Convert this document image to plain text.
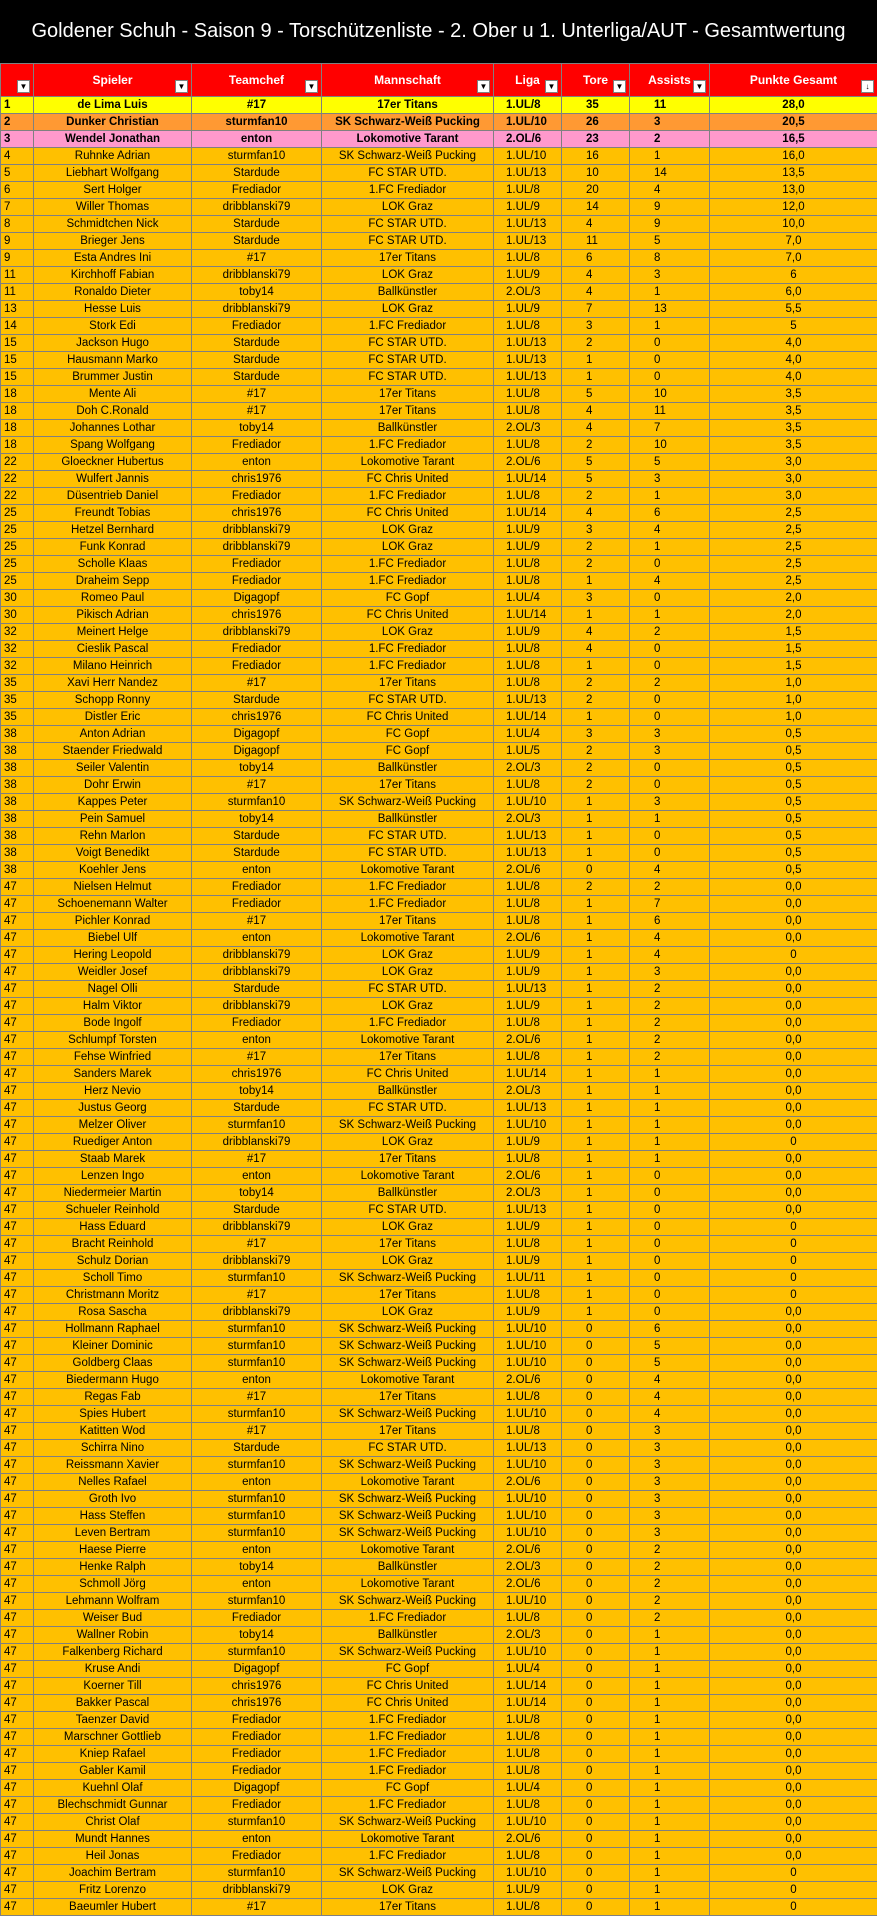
Goldener Schuh - Saison 9 - Torschützenliste - 2. Ober u 1. Unterliga/AUT - Gesamtwertung
▼	Spieler ▼	Teamchef ▼	Mannschaft ▼	Liga ▼	Tore ▼	Assists ▼	Punkte Gesamt ↓

1	de Lima Luis	#17	17er Titans	1.UL/8	35	11	28,0
2	Dunker Christian	sturmfan10	SK Schwarz-Weiß Pucking	1.UL/10	26	3	20,5
3	Wendel Jonathan	enton	Lokomotive Tarant	2.OL/6	23	2	16,5
4	Ruhnke Adrian	sturmfan10	SK Schwarz-Weiß Pucking	1.UL/10	16	1	16,0
5	Liebhart Wolfgang	Stardude	FC STAR UTD.	1.UL/13	10	14	13,5
6	Sert Holger	Frediador	1.FC Frediador	1.UL/8	20	4	13,0
7	Willer Thomas	dribblanski79	LOK Graz	1.UL/9	14	9	12,0
8	Schmidtchen Nick	Stardude	FC STAR UTD.	1.UL/13	4	9	10,0
9	Brieger Jens	Stardude	FC STAR UTD.	1.UL/13	11	5	7,0
9	Esta Andres Ini	#17	17er Titans	1.UL/8	6	8	7,0
11	Kirchhoff Fabian	dribblanski79	LOK Graz	1.UL/9	4	3	6
11	Ronaldo Dieter	toby14	Ballkünstler	2.OL/3	4	1	6,0
13	Hesse Luis	dribblanski79	LOK Graz	1.UL/9	7	13	5,5
14	Stork Edi	Frediador	1.FC Frediador	1.UL/8	3	1	5
15	Jackson Hugo	Stardude	FC STAR UTD.	1.UL/13	2	0	4,0
15	Hausmann Marko	Stardude	FC STAR UTD.	1.UL/13	1	0	4,0
15	Brummer Justin	Stardude	FC STAR UTD.	1.UL/13	1	0	4,0
18	Mente Ali	#17	17er Titans	1.UL/8	5	10	3,5
18	Doh C.Ronald	#17	17er Titans	1.UL/8	4	11	3,5
18	Johannes Lothar	toby14	Ballkünstler	2.OL/3	4	7	3,5
18	Spang Wolfgang	Frediador	1.FC Frediador	1.UL/8	2	10	3,5
22	Gloeckner Hubertus	enton	Lokomotive Tarant	2.OL/6	5	5	3,0
22	Wulfert Jannis	chris1976	FC Chris United	1.UL/14	5	3	3,0
22	Düsentrieb Daniel	Frediador	1.FC Frediador	1.UL/8	2	1	3,0
25	Freundt Tobias	chris1976	FC Chris United	1.UL/14	4	6	2,5
25	Hetzel Bernhard	dribblanski79	LOK Graz	1.UL/9	3	4	2,5
25	Funk Konrad	dribblanski79	LOK Graz	1.UL/9	2	1	2,5
25	Scholle Klaas	Frediador	1.FC Frediador	1.UL/8	2	0	2,5
25	Draheim Sepp	Frediador	1.FC Frediador	1.UL/8	1	4	2,5
30	Romeo Paul	Digagopf	FC Gopf	1.UL/4	3	0	2,0
30	Pikisch Adrian	chris1976	FC Chris United	1.UL/14	1	1	2,0
32	Meinert Helge	dribblanski79	LOK Graz	1.UL/9	4	2	1,5
32	Cieslik Pascal	Frediador	1.FC Frediador	1.UL/8	4	0	1,5
32	Milano Heinrich	Frediador	1.FC Frediador	1.UL/8	1	0	1,5
35	Xavi Herr Nandez	#17	17er Titans	1.UL/8	2	2	1,0
35	Schopp Ronny	Stardude	FC STAR UTD.	1.UL/13	2	0	1,0
35	Distler Eric	chris1976	FC Chris United	1.UL/14	1	0	1,0
38	Anton Adrian	Digagopf	FC Gopf	1.UL/4	3	3	0,5
38	Staender Friedwald	Digagopf	FC Gopf	1.UL/5	2	3	0,5
38	Seiler Valentin	toby14	Ballkünstler	2.OL/3	2	0	0,5
38	Dohr Erwin	#17	17er Titans	1.UL/8	2	0	0,5
38	Kappes Peter	sturmfan10	SK Schwarz-Weiß Pucking	1.UL/10	1	3	0,5
38	Pein Samuel	toby14	Ballkünstler	2.OL/3	1	1	0,5
38	Rehn Marlon	Stardude	FC STAR UTD.	1.UL/13	1	0	0,5
38	Voigt Benedikt	Stardude	FC STAR UTD.	1.UL/13	1	0	0,5
38	Koehler Jens	enton	Lokomotive Tarant	2.OL/6	0	4	0,5
47	Nielsen Helmut	Frediador	1.FC Frediador	1.UL/8	2	2	0,0
47	Schoenemann Walter	Frediador	1.FC Frediador	1.UL/8	1	7	0,0
47	Pichler Konrad	#17	17er Titans	1.UL/8	1	6	0,0
47	Biebel Ulf	enton	Lokomotive Tarant	2.OL/6	1	4	0,0
47	Hering Leopold	dribblanski79	LOK Graz	1.UL/9	1	4	0
47	Weidler Josef	dribblanski79	LOK Graz	1.UL/9	1	3	0,0
47	Nagel Olli	Stardude	FC STAR UTD.	1.UL/13	1	2	0,0
47	Halm Viktor	dribblanski79	LOK Graz	1.UL/9	1	2	0,0
47	Bode Ingolf	Frediador	1.FC Frediador	1.UL/8	1	2	0,0
47	Schlumpf Torsten	enton	Lokomotive Tarant	2.OL/6	1	2	0,0
47	Fehse Winfried	#17	17er Titans	1.UL/8	1	2	0,0
47	Sanders Marek	chris1976	FC Chris United	1.UL/14	1	1	0,0
47	Herz Nevio	toby14	Ballkünstler	2.OL/3	1	1	0,0
47	Justus Georg	Stardude	FC STAR UTD.	1.UL/13	1	1	0,0
47	Melzer Oliver	sturmfan10	SK Schwarz-Weiß Pucking	1.UL/10	1	1	0,0
47	Ruediger Anton	dribblanski79	LOK Graz	1.UL/9	1	1	0
47	Staab Marek	#17	17er Titans	1.UL/8	1	1	0,0
47	Lenzen Ingo	enton	Lokomotive Tarant	2.OL/6	1	0	0,0
47	Niedermeier Martin	toby14	Ballkünstler	2.OL/3	1	0	0,0
47	Schueler Reinhold	Stardude	FC STAR UTD.	1.UL/13	1	0	0,0
47	Hass Eduard	dribblanski79	LOK Graz	1.UL/9	1	0	0
47	Bracht Reinhold	#17	17er Titans	1.UL/8	1	0	0
47	Schulz Dorian	dribblanski79	LOK Graz	1.UL/9	1	0	0
47	Scholl Timo	sturmfan10	SK Schwarz-Weiß Pucking	1.UL/11	1	0	0
47	Christmann Moritz	#17	17er Titans	1.UL/8	1	0	0
47	Rosa Sascha	dribblanski79	LOK Graz	1.UL/9	1	0	0,0
47	Hollmann Raphael	sturmfan10	SK Schwarz-Weiß Pucking	1.UL/10	0	6	0,0
47	Kleiner Dominic	sturmfan10	SK Schwarz-Weiß Pucking	1.UL/10	0	5	0,0
47	Goldberg Claas	sturmfan10	SK Schwarz-Weiß Pucking	1.UL/10	0	5	0,0
47	Biedermann Hugo	enton	Lokomotive Tarant	2.OL/6	0	4	0,0
47	Regas Fab	#17	17er Titans	1.UL/8	0	4	0,0
47	Spies Hubert	sturmfan10	SK Schwarz-Weiß Pucking	1.UL/10	0	4	0,0
47	Katitten Wod	#17	17er Titans	1.UL/8	0	3	0,0
47	Schirra Nino	Stardude	FC STAR UTD.	1.UL/13	0	3	0,0
47	Reissmann Xavier	sturmfan10	SK Schwarz-Weiß Pucking	1.UL/10	0	3	0,0
47	Nelles Rafael	enton	Lokomotive Tarant	2.OL/6	0	3	0,0
47	Groth Ivo	sturmfan10	SK Schwarz-Weiß Pucking	1.UL/10	0	3	0,0
47	Hass Steffen	sturmfan10	SK Schwarz-Weiß Pucking	1.UL/10	0	3	0,0
47	Leven Bertram	sturmfan10	SK Schwarz-Weiß Pucking	1.UL/10	0	3	0,0
47	Haese Pierre	enton	Lokomotive Tarant	2.OL/6	0	2	0,0
47	Henke Ralph	toby14	Ballkünstler	2.OL/3	0	2	0,0
47	Schmoll Jörg	enton	Lokomotive Tarant	2.OL/6	0	2	0,0
47	Lehmann Wolfram	sturmfan10	SK Schwarz-Weiß Pucking	1.UL/10	0	2	0,0
47	Weiser Bud	Frediador	1.FC Frediador	1.UL/8	0	2	0,0
47	Wallner Robin	toby14	Ballkünstler	2.OL/3	0	1	0,0
47	Falkenberg Richard	sturmfan10	SK Schwarz-Weiß Pucking	1.UL/10	0	1	0,0
47	Kruse Andi	Digagopf	FC Gopf	1.UL/4	0	1	0,0
47	Koerner Till	chris1976	FC Chris United	1.UL/14	0	1	0,0
47	Bakker Pascal	chris1976	FC Chris United	1.UL/14	0	1	0,0
47	Taenzer David	Frediador	1.FC Frediador	1.UL/8	0	1	0,0
47	Marschner Gottlieb	Frediador	1.FC Frediador	1.UL/8	0	1	0,0
47	Kniep Rafael	Frediador	1.FC Frediador	1.UL/8	0	1	0,0
47	Gabler Kamil	Frediador	1.FC Frediador	1.UL/8	0	1	0,0
47	Kuehnl Olaf	Digagopf	FC Gopf	1.UL/4	0	1	0,0
47	Blechschmidt Gunnar	Frediador	1.FC Frediador	1.UL/8	0	1	0,0
47	Christ Olaf	sturmfan10	SK Schwarz-Weiß Pucking	1.UL/10	0	1	0,0
47	Mundt Hannes	enton	Lokomotive Tarant	2.OL/6	0	1	0,0
47	Heil Jonas	Frediador	1.FC Frediador	1.UL/8	0	1	0,0
47	Joachim Bertram	sturmfan10	SK Schwarz-Weiß Pucking	1.UL/10	0	1	0
47	Fritz Lorenzo	dribblanski79	LOK Graz	1.UL/9	0	1	0
47	Baeumler Hubert	#17	17er Titans	1.UL/8	0	1	0
